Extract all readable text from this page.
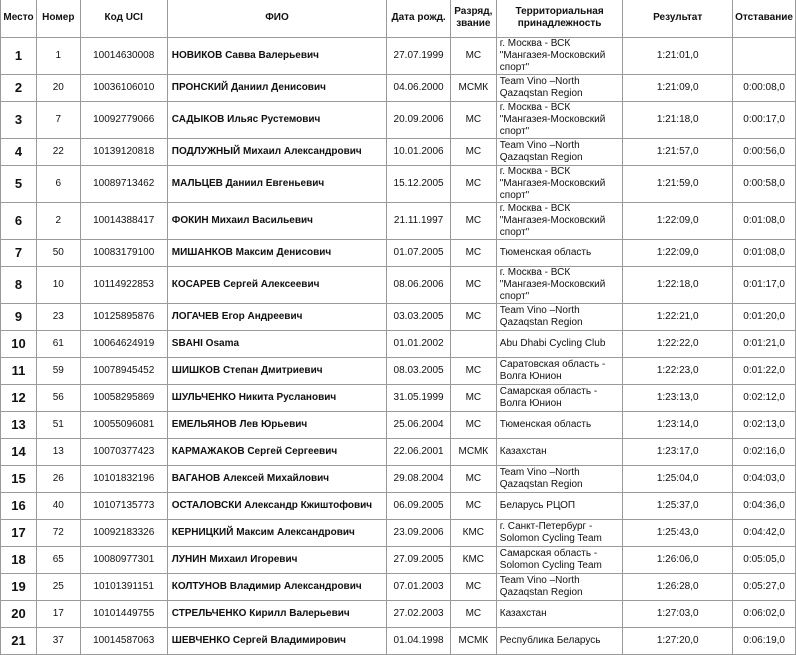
Место	Номер	Код UCI	ФИО	Дата рожд.	Разряд, звание	Территориальная принадлежность	Результат	Отставание
1	1	10014630008	НОВИКОВ Савва Валерьевич	27.07.1999	МС	г. Москва - ВСК "Мангазея-Московский спорт"	1:21:01,0	
2	20	10036106010	ПРОНСКИЙ Даниил Денисович	04.06.2000	МСМК	Team Vino –North Qazaqstan Region	1:21:09,0	0:00:08,0
3	7	10092779066	САДЫКОВ Ильяс Рустемович	20.09.2006	МС	г. Москва - ВСК "Мангазея-Московский спорт"	1:21:18,0	0:00:17,0
4	22	10139120818	ПОДЛУЖНЫЙ Михаил Александрович	10.01.2006	МС	Team Vino –North Qazaqstan Region	1:21:57,0	0:00:56,0
5	6	10089713462	МАЛЬЦЕВ Даниил Евгеньевич	15.12.2005	МС	г. Москва - ВСК "Мангазея-Московский спорт"	1:21:59,0	0:00:58,0
6	2	10014388417	ФОКИН Михаил Васильевич	21.11.1997	МС	г. Москва - ВСК "Мангазея-Московский спорт"	1:22:09,0	0:01:08,0
7	50	10083179100	МИШАНКОВ Максим Денисович	01.07.2005	МС	Тюменская область	1:22:09,0	0:01:08,0
8	10	10114922853	КОСАРЕВ Сергей Алексеевич	08.06.2006	МС	г. Москва - ВСК "Мангазея-Московский спорт"	1:22:18,0	0:01:17,0
9	23	10125895876	ЛОГАЧЕВ Егор Андреевич	03.03.2005	МС	Team Vino –North Qazaqstan Region	1:22:21,0	0:01:20,0
10	61	10064624919	SBAHI Osama	01.01.2002		Abu Dhabi Cycling Club	1:22:22,0	0:01:21,0
11	59	10078945452	ШИШКОВ Степан Дмитриевич	08.03.2005	МС	Саратовская область - Волга Юнион	1:22:23,0	0:01:22,0
12	56	10058295869	ШУЛЬЧЕНКО Никита Русланович	31.05.1999	МС	Самарская область - Волга Юнион	1:23:13,0	0:02:12,0
13	51	10055096081	ЕМЕЛЬЯНОВ Лев Юрьевич	25.06.2004	МС	Тюменская область	1:23:14,0	0:02:13,0
14	13	10070377423	КАРМАЖАКОВ Сергей Сергеевич	22.06.2001	МСМК	Казахстан	1:23:17,0	0:02:16,0
15	26	10101832196	ВАГАНОВ Алексей Михайлович	29.08.2004	МС	Team Vino –North Qazaqstan Region	1:25:04,0	0:04:03,0
16	40	10107135773	ОСТАЛОВСКИ Александр Кжиштофович	06.09.2005	МС	Беларусь РЦОП	1:25:37,0	0:04:36,0
17	72	10092183326	КЕРНИЦКИЙ Максим Александрович	23.09.2006	КМС	г. Санкт-Петербург - Solomon Cycling Team	1:25:43,0	0:04:42,0
18	65	10080977301	ЛУНИН Михаил Игоревич	27.09.2005	КМС	Самарская область - Solomon Cycling Team	1:26:06,0	0:05:05,0
19	25	10101391151	КОЛТУНОВ Владимир Александрович	07.01.2003	МС	Team Vino –North Qazaqstan Region	1:26:28,0	0:05:27,0
20	17	10101449755	СТРЕЛЬЧЕНКО Кирилл Валерьевич	27.02.2003	МС	Казахстан	1:27:03,0	0:06:02,0
21	37	10014587063	ШЕВЧЕНКО Сергей Владимирович	01.04.1998	МСМК	Республика Беларусь	1:27:20,0	0:06:19,0
